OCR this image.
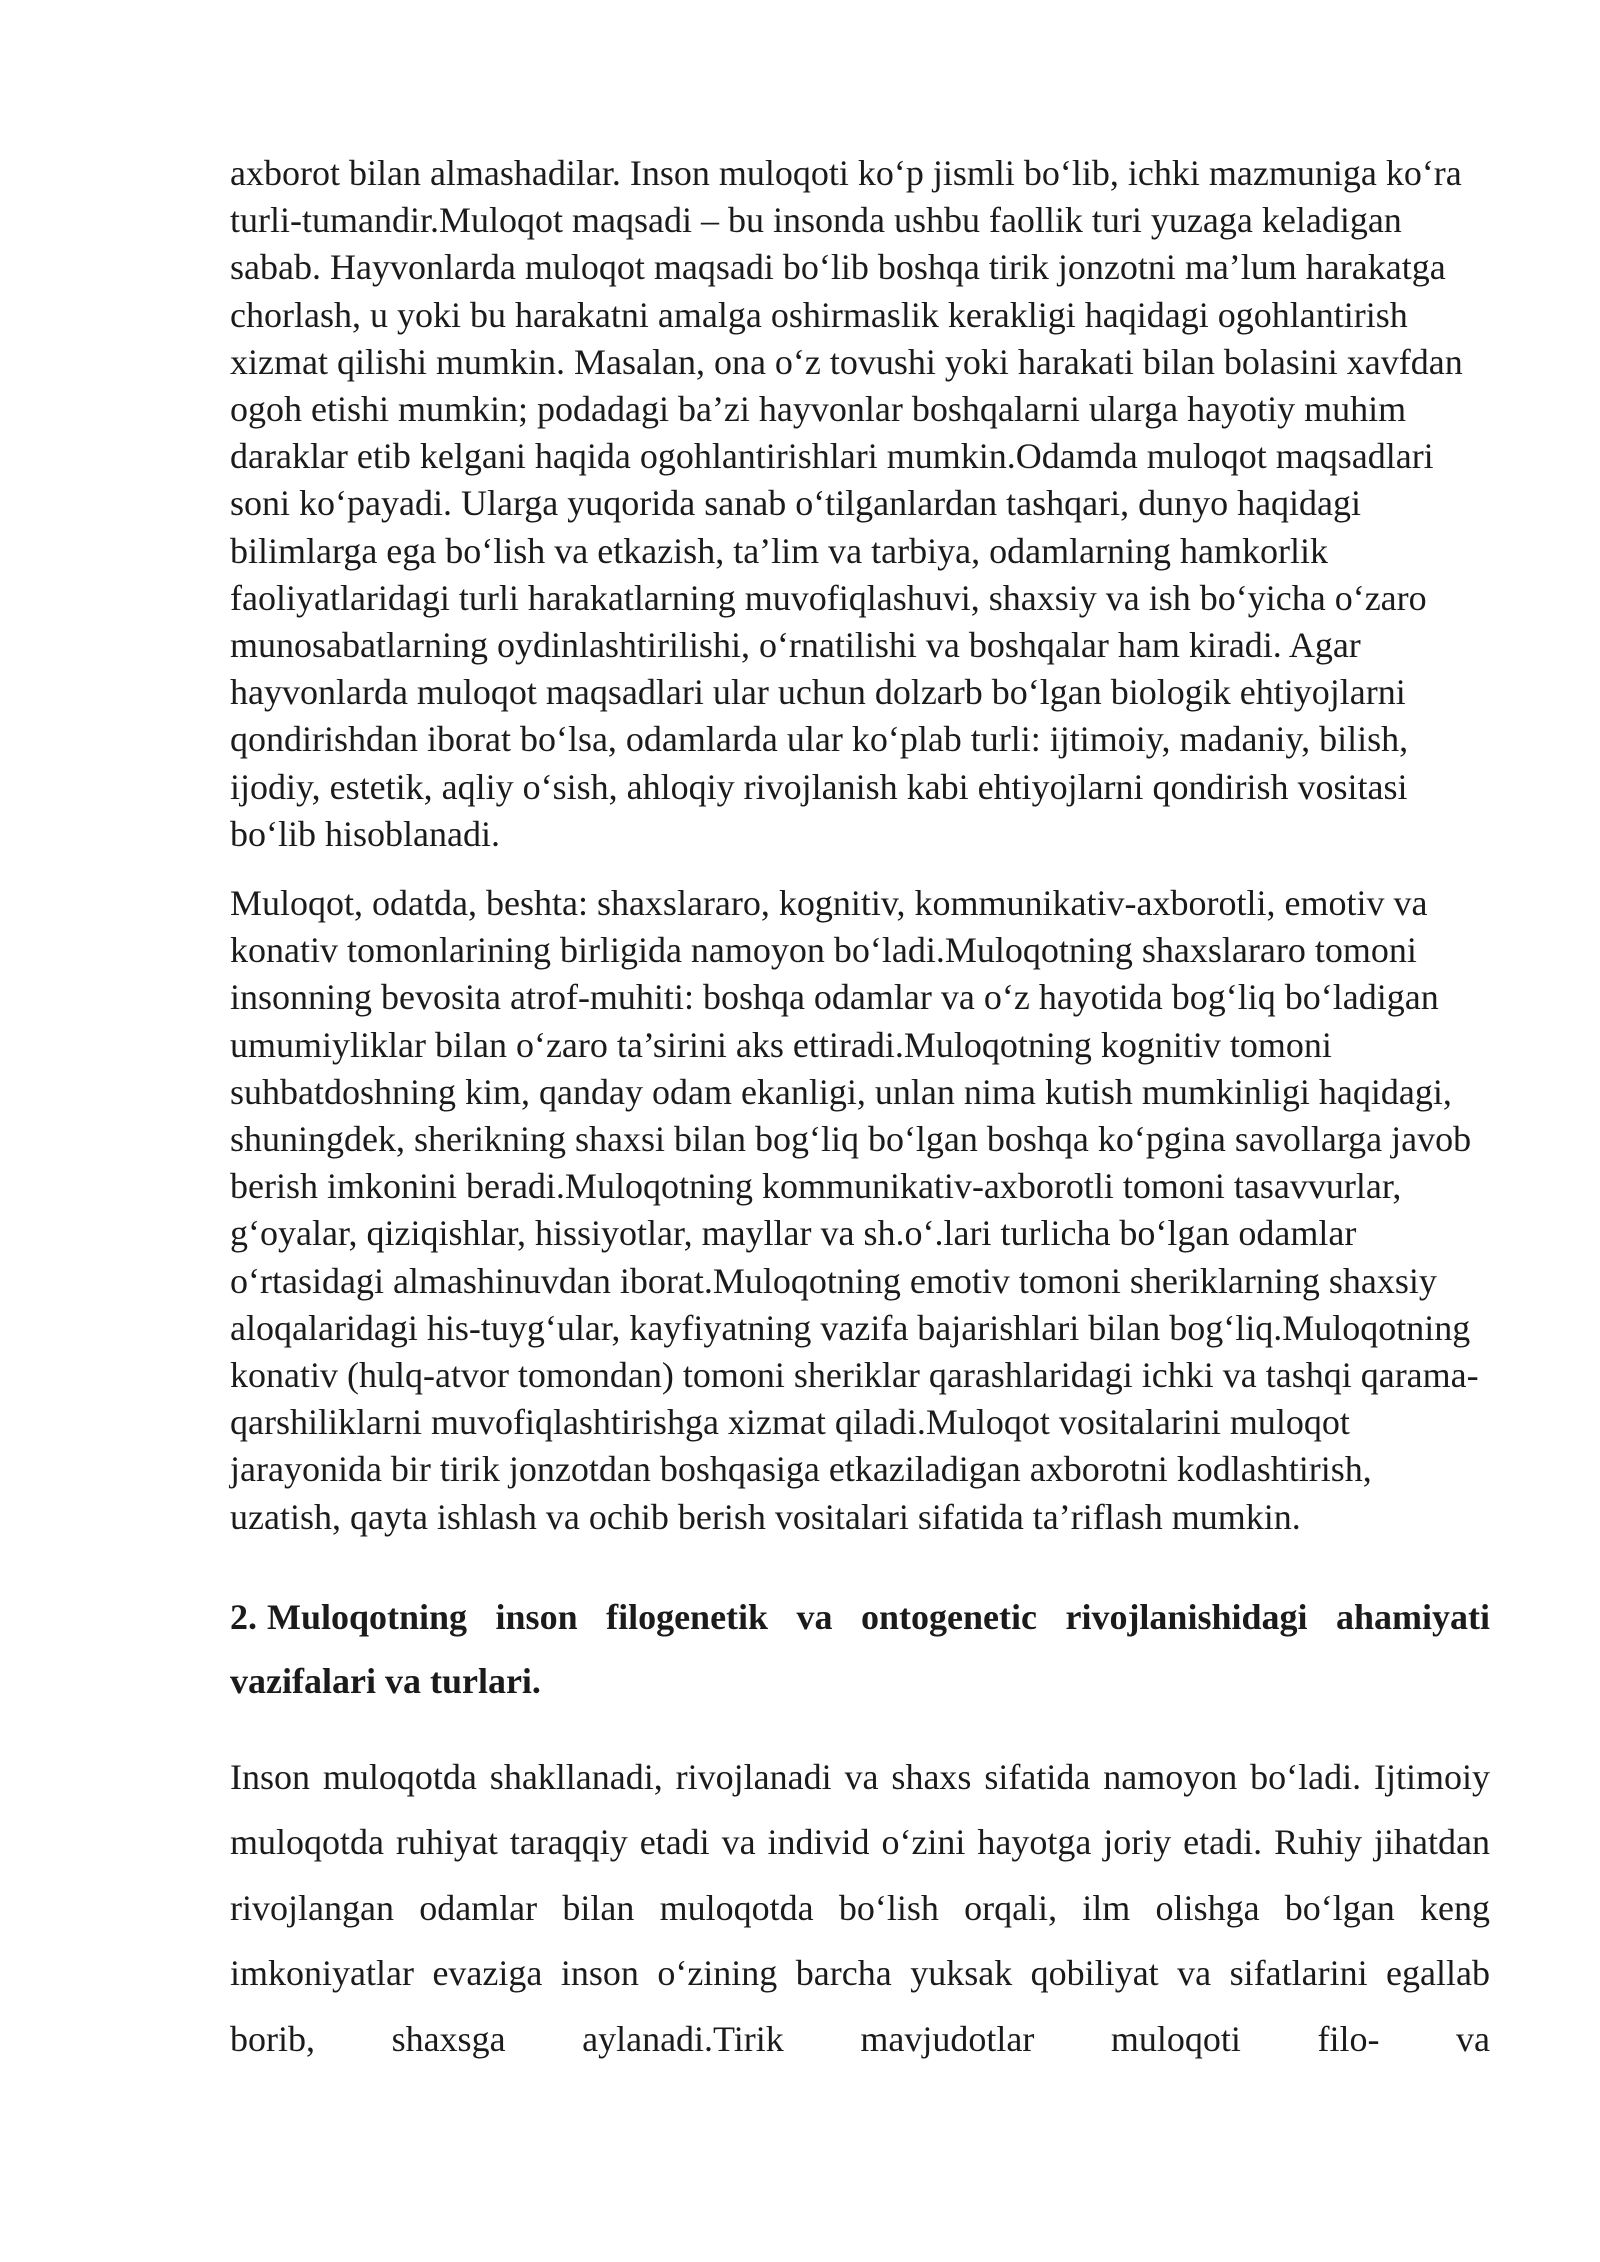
axborot bilan almashadilar. Inson muloqoti ko‘p jismli bo‘lib, ichki mazmuniga ko‘ra turli-tumandir.Muloqot maqsadi – bu insonda ushbu faollik turi yuzaga keladigan sabab. Hayvonlarda muloqot maqsadi bo‘lib boshqa tirik jonzotni ma’lum harakatga chorlash, u yoki bu harakatni amalga oshirmaslik kerakligi haqidagi ogohlantirish xizmat qilishi mumkin. Masalan, ona o‘z tovushi yoki harakati bilan bolasini xavfdan ogoh etishi mumkin; podadagi ba’zi hayvonlar boshqalarni ularga hayotiy muhim daraklar etib kelgani haqida ogohlantirishlari mumkin.Odamda muloqot maqsadlari soni ko‘payadi. Ularga yuqorida sanab o‘tilganlardan tashqari, dunyo haqidagi bilimlarga ega bo‘lish va etkazish, ta’lim va tarbiya, odamlarning hamkorlik faoliyatlaridagi turli harakatlarning muvofiqlashuvi, shaxsiy va ish bo‘yicha o‘zaro munosabatlarning oydinlashtirilishi, o‘rnatilishi va boshqalar ham kiradi. Agar hayvonlarda muloqot maqsadlari ular uchun dolzarb bo‘lgan biologik ehtiyojlarni qondirishdan iborat bo‘lsa, odamlarda ular ko‘plab turli: ijtimoiy, madaniy, bilish, ijodiy, estetik, aqliy o‘sish, ahloqiy rivojlanish kabi ehtiyojlarni qondirish vositasi bo‘lib hisoblanadi.

Muloqot, odatda, beshta: shaxslararo, kognitiv, kommunikativ-axborotli, emotiv va konativ tomonlarining birligida namoyon bo‘ladi.Muloqotning shaxslararo tomoni insonning bevosita atrof-muhiti: boshqa odamlar va o‘z hayotida bog‘liq bo‘ladigan umumiyliklar bilan o‘zaro ta’sirini aks ettiradi.Muloqotning kognitiv tomoni suhbatdoshning kim, qanday odam ekanligi, unlan nima kutish mumkinligi haqidagi, shuningdek, sherikning shaxsi bilan bog‘liq bo‘lgan boshqa ko‘pgina savollarga javob berish imkonini beradi.Muloqotning kommunikativ-axborotli tomoni tasavvurlar, g‘oyalar, qiziqishlar, hissiyotlar, mayllar va sh.o‘.lari turlicha bo‘lgan odamlar o‘rtasidagi almashinuvdan iborat.Muloqotning emotiv tomoni sheriklarning shaxsiy aloqalaridagi his-tuyg‘ular, kayfiyatning vazifa bajarishlari bilan bog‘liq.Muloqotning konativ (hulq-atvor tomondan) tomoni sheriklar qarashlaridagi ichki va tashqi qarama-qarshiliklarni muvofiqlashtirishga xizmat qiladi.Muloqot vositalarini muloqot jarayonida bir tirik jonzotdan boshqasiga etkaziladigan axborotni kodlashtirish, uzatish, qayta ishlash va ochib berish vositalari sifatida ta’riflash mumkin.

2. Muloqotning inson filogenetik va ontogenetic rivojlanishidagi ahamiyati vazifalari va turlari.

Inson muloqotda shakllanadi, rivojlanadi va shaxs sifatida namoyon bo‘ladi. Ijtimoiy muloqotda ruhiyat taraqqiy etadi va individ o‘zini hayotga joriy etadi. Ruhiy jihatdan rivojlangan odamlar bilan muloqotda bo‘lish orqali, ilm olishga bo‘lgan keng imkoniyatlar evaziga inson o‘zining barcha yuksak qobiliyat va sifatlarini egallab borib, shaxsga aylanadi.Tirik mavjudotlar muloqoti filo- va
